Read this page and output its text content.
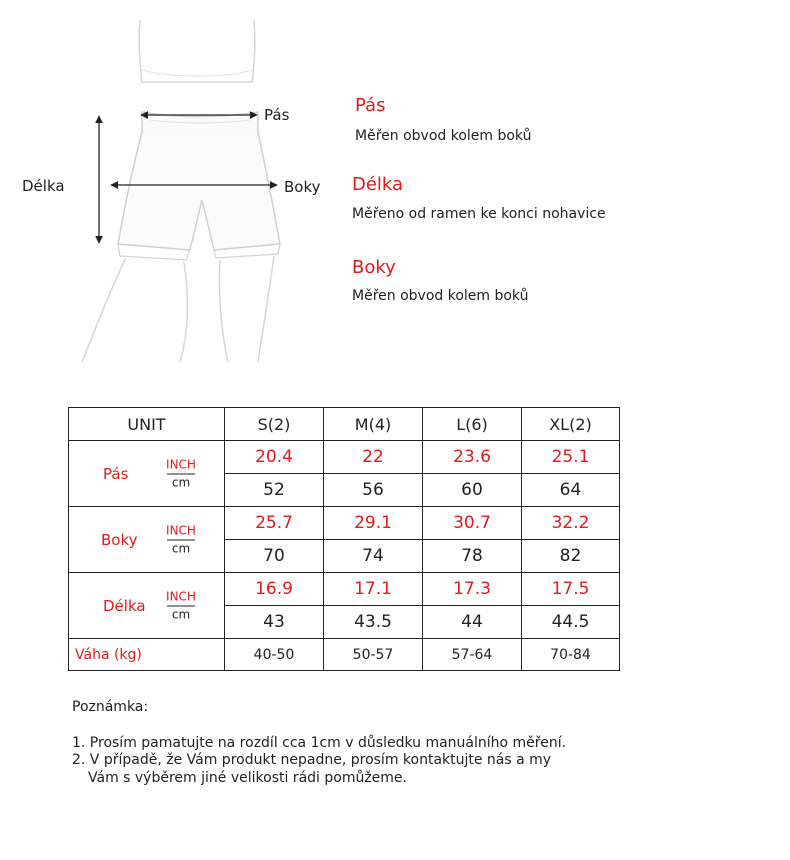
Pás
Délka	Boky
Pás
Měřen obvod kolem boků
Délka
Měřeno od ramen ke konci nohavice
Boky
Měřen obvod kolem boků
UNIT	S(2)	M(4)	L(6)	XL(2)

Pás
INCH
cm	20.4	22	23.6	25.1
	52	56	60	64

Boky
INCH
cm	25.7	29.1	30.7	32.2
	70	74	78	82

Délka
INCH
cm	16.9	17.1	17.3	17.5
	43	43.5	44	44.5
Váha (kg)	40-50	50-57	57-64	70-84
Poznámka:
1. Prosím pamatujte na rozdíl cca 1cm v důsledku manuálního měření.
2. V případě, že Vám produkt nepadne, prosím kontaktujte nás a my
Vám s výběrem jiné velikosti rádi pomůžeme.
